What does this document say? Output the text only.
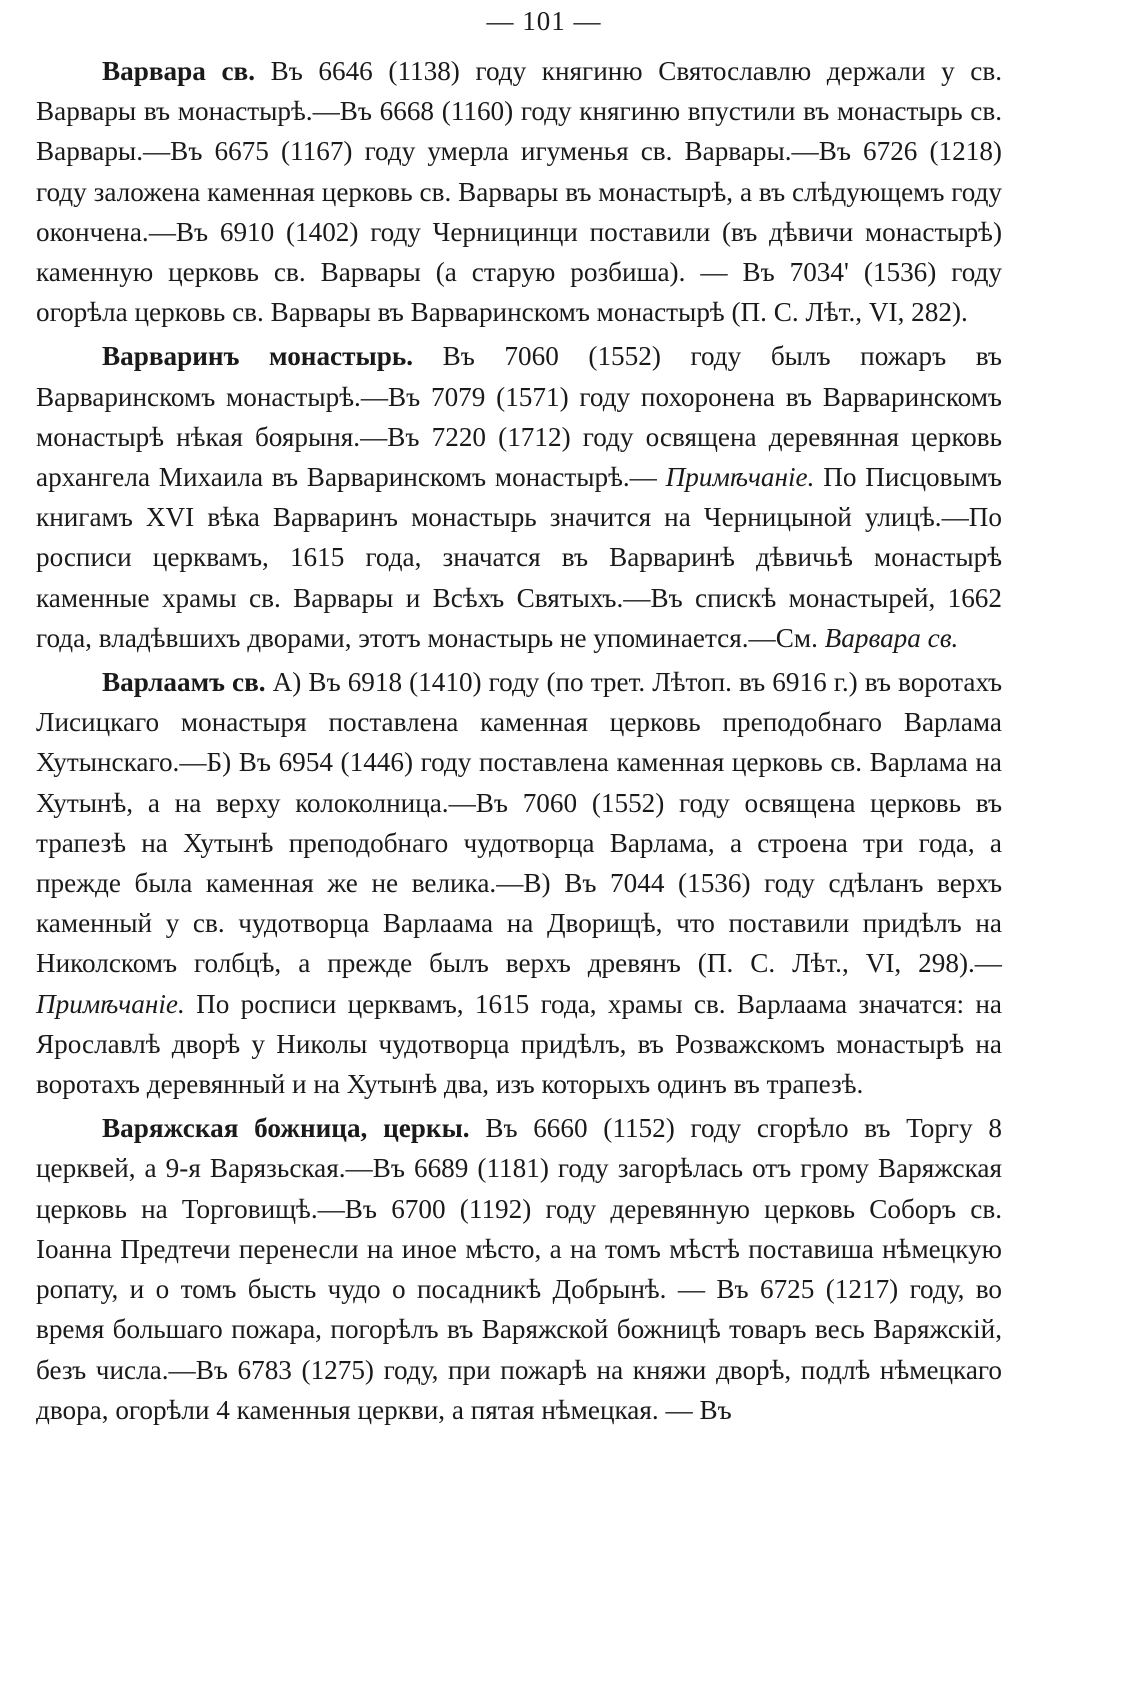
— 101 —

Варвара св. Въ 6646 (1138) году княгиню Святославлю держали у св. Варвары въ монастырѣ.—Въ 6668 (1160) году княгиню впустили въ монастырь св. Варвары.—Въ 6675 (1167) году умерла игуменья св. Варвары.—Въ 6726 (1218) году заложена каменная церковь св. Варвары въ монастырѣ, а въ слѣдующемъ году окончена.—Въ 6910 (1402) году Черницинци поставили (въ дѣвичи монастырѣ) каменную церковь св. Варвары (а старую розбиша). — Въ 7034' (1536) году огорѣла церковь св. Варвары въ Варваринскомъ монастырѣ (П. С. Лѣт., VI, 282).

Варваринъ монастырь. Въ 7060 (1552) году былъ пожаръ въ Варваринскомъ монастырѣ.—Въ 7079 (1571) году похоронена въ Варваринскомъ монастырѣ нѣкая боярыня.—Въ 7220 (1712) году освящена деревянная церковь архангела Михаила въ Варваринскомъ монастырѣ.— Примѣчаніе. По Писцовымъ книгамъ XVI вѣка Варваринъ монастырь значится на Черницыной улицѣ.—По росписи церквамъ, 1615 года, значатся въ Варваринѣ дѣвичьѣ монастырѣ каменные храмы св. Варвары и Всѣхъ Святыхъ.—Въ спискѣ монастырей, 1662 года, владѣвшихъ дворами, этотъ монастырь не упоминается.—См. Варвара св.

Варлаамъ св. А) Въ 6918 (1410) году (по трет. Лѣтоп. въ 6916 г.) въ воротахъ Лисицкаго монастыря поставлена каменная церковь преподобнаго Варлама Хутынскаго.—Б) Въ 6954 (1446) году поставлена каменная церковь св. Варлама на Хутынѣ, а на верху колоколница.—Въ 7060 (1552) году освящена церковь въ трапезѣ на Хутынѣ преподобнаго чудотворца Варлама, а строена три года, а прежде была каменная же не велика.—В) Въ 7044 (1536) году сдѣланъ верхъ каменный у св. чудотворца Варлаама на Дворищѣ, что поставили придѣлъ на Николскомъ голбцѣ, а прежде былъ верхъ древянъ (П. С. Лѣт., VI, 298).—Примѣчаніе. По росписи церквамъ, 1615 года, храмы св. Варлаама значатся: на Ярославлѣ дворѣ у Николы чудотворца придѣлъ, въ Розважскомъ монастырѣ на воротахъ деревянный и на Хутынѣ два, изъ которыхъ одинъ въ трапезѣ.

Варяжская божница, церкы. Въ 6660 (1152) году сгорѣло въ Торгу 8 церквей, а 9-я Варязьская.—Въ 6689 (1181) году загорѣлась отъ грому Варяжская церковь на Торговищѣ.—Въ 6700 (1192) году деревянную церковь Соборъ св. Іоанна Предтечи перенесли на иное мѣсто, а на томъ мѣстѣ поставиша нѣмецкую ропату, и о томъ бысть чудо о посадникѣ Добрынѣ. — Въ 6725 (1217) году, во время большаго пожара, погорѣлъ въ Варяжской божницѣ товаръ весь Варяжскій, безъ числа.—Въ 6783 (1275) году, при пожарѣ на княжи дворѣ, подлѣ нѣмецкаго двора, огорѣли 4 каменныя церкви, а пятая нѣмецкая. — Въ
